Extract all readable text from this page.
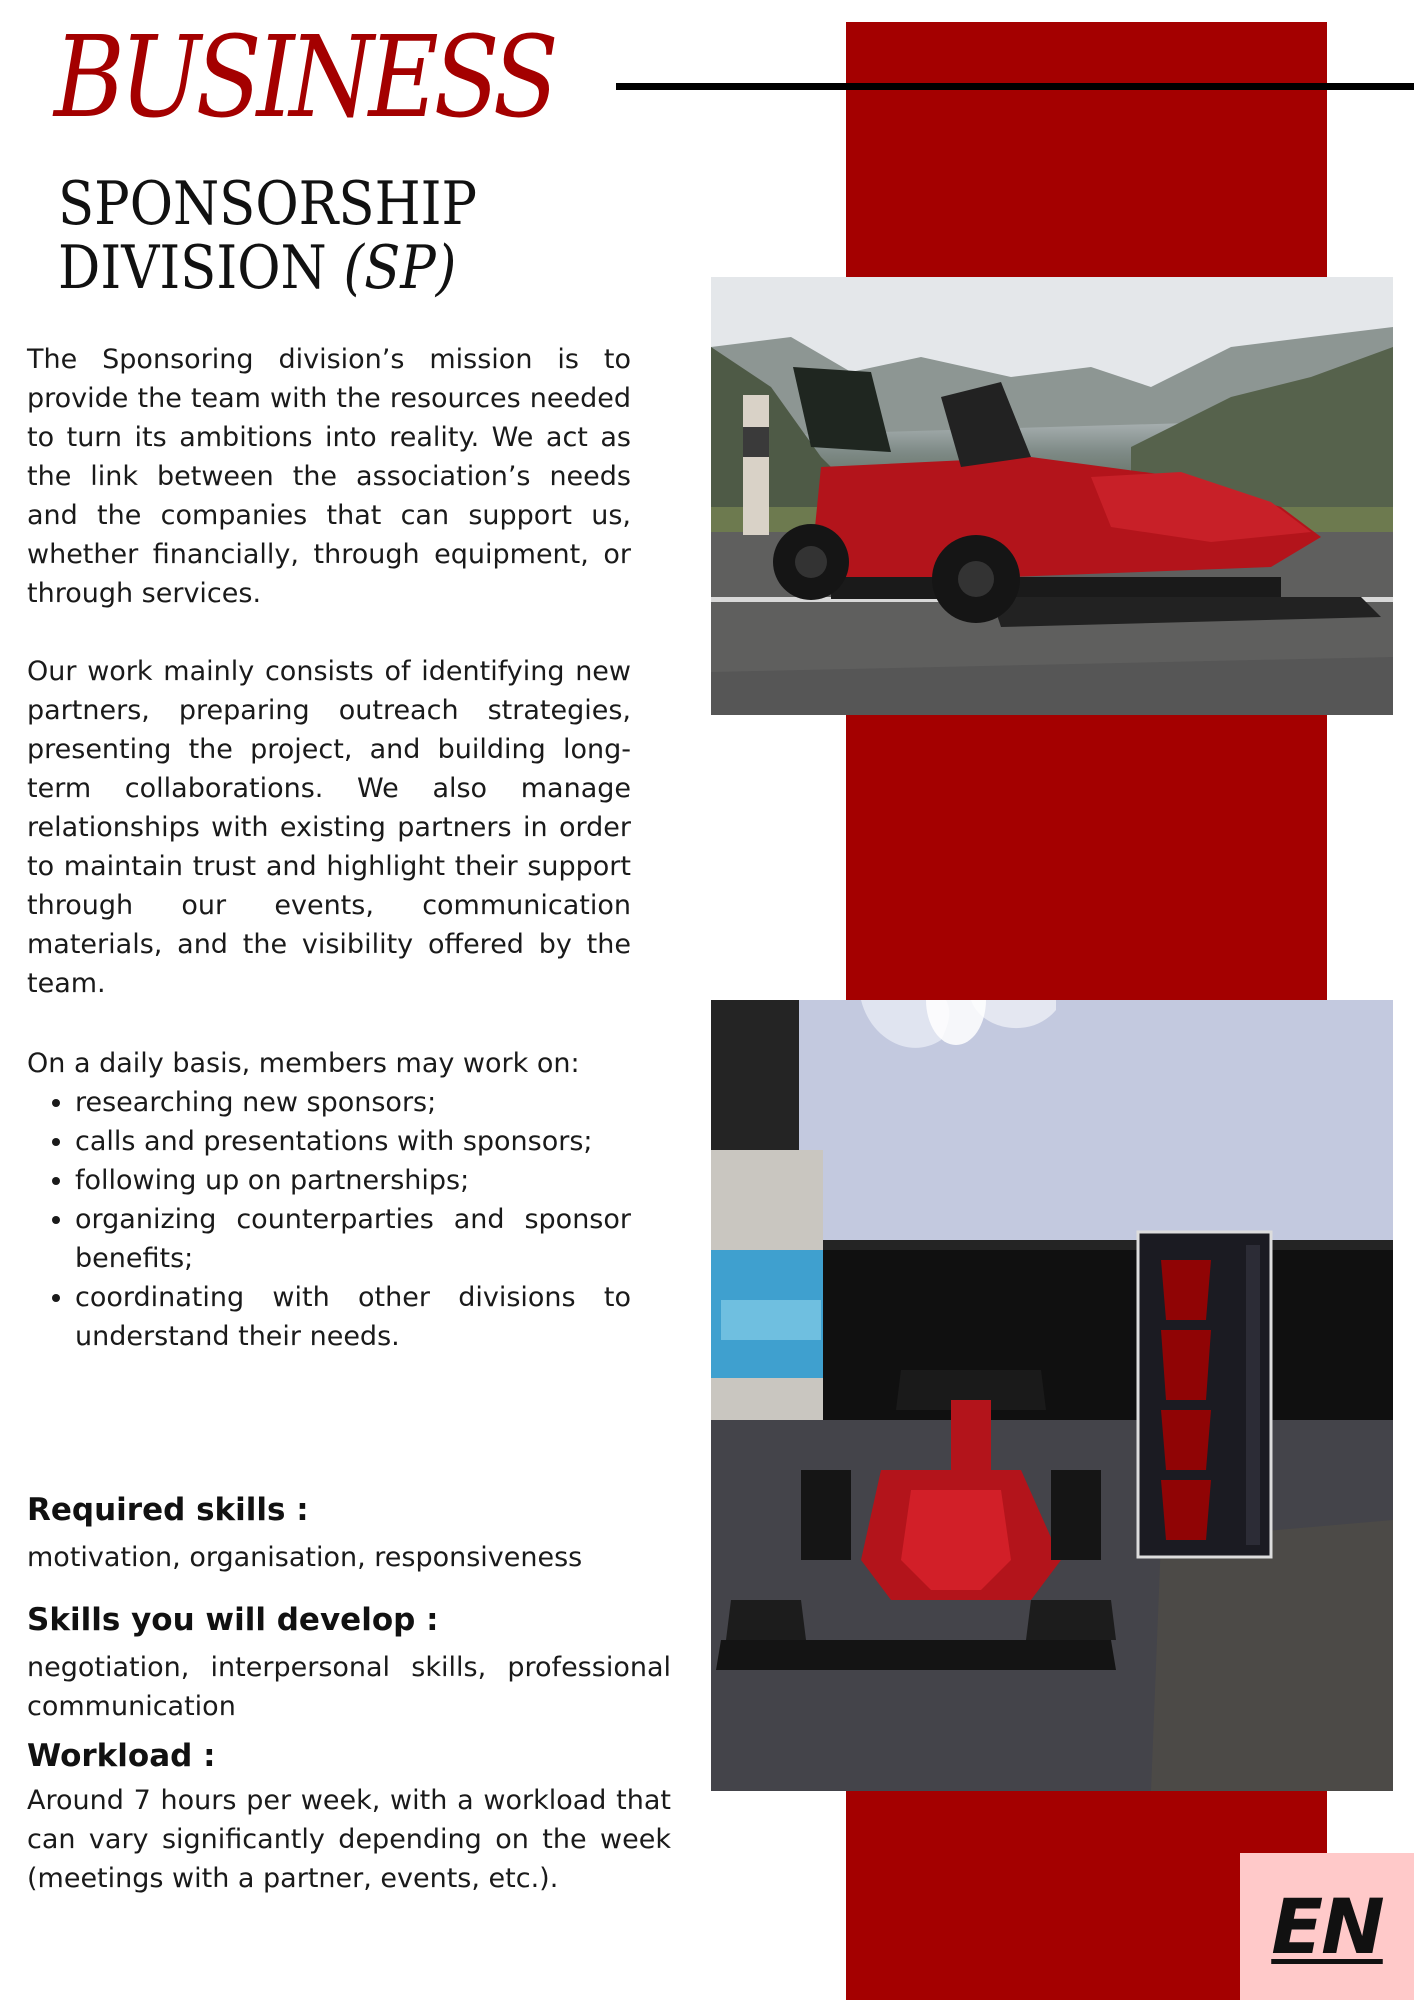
BUSINESS
SPONSORSHIP
DIVISION (SP)

The Sponsoring division’s mission is to provide the team with the resources needed to turn its ambitions into reality. We act as the link between the association’s needs and the companies that can support us, whether financially, through equipment, or through services.

Our work mainly consists of identifying new partners, preparing outreach strategies, presenting the project, and building long-term collaborations. We also manage relationships with existing partners in order to maintain trust and highlight their support through our events, communication materials, and the visibility offered by the team.

On a daily basis, members may work on:

• researching new sponsors;
• calls and presentations with sponsors;
• following up on partnerships;
• organizing counterparties and sponsor benefits;
• coordinating with other divisions to understand their needs.
Required skills :

motivation, organisation, responsiveness

Skills you will develop :

negotiation, interpersonal skills, professional communication

Workload :

Around 7 hours per week, with a workload that can vary significantly depending on the week (meetings with a partner, events, etc.).

EN
